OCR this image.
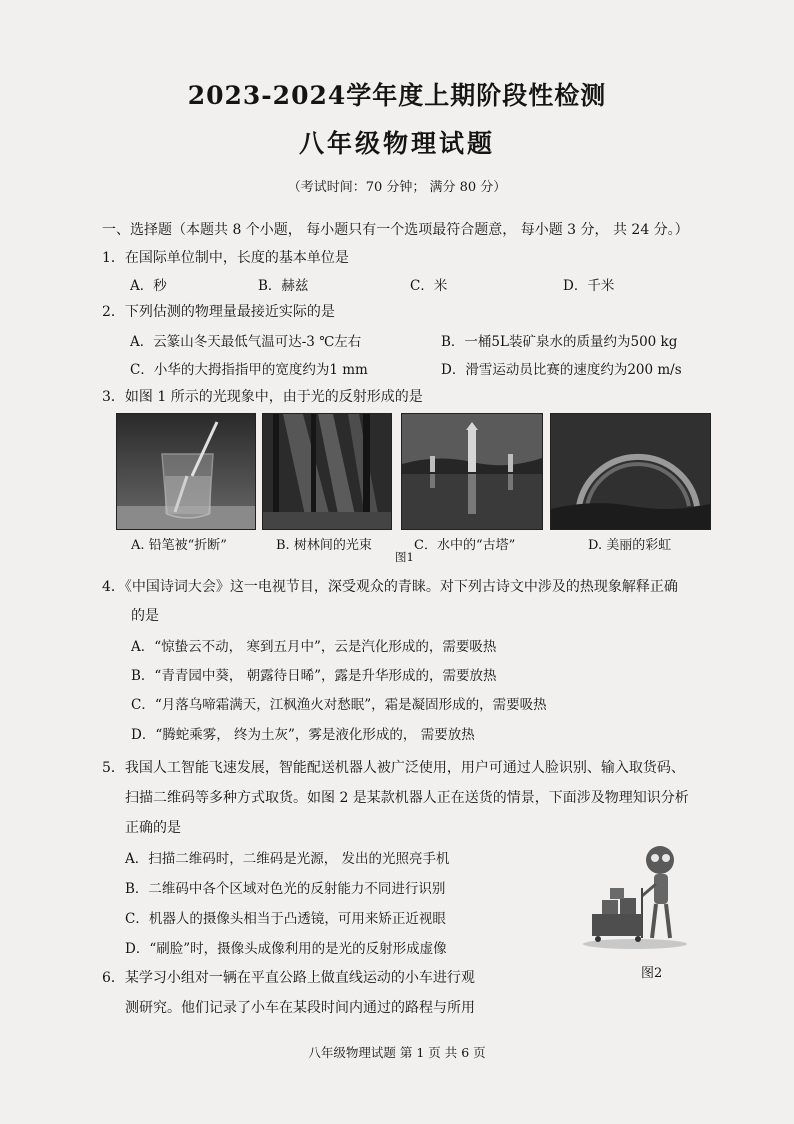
2023-2024学年度上期阶段性检测
八年级物理试题
（考试时间：70 分钟； 满分 80 分）
一、选择题（本题共 8 个小题， 每小题只有一个选项最符合题意， 每小题 3 分， 共 24 分。）
1．在国际单位制中，长度的基本单位是
A．秒	B．赫兹	C．米	D．千米
2．下列估测的物理量最接近实际的是
A．云篆山冬天最低气温可达-3 ℃左右	B．一桶5L装矿泉水的质量约为500 kg
C．小华的大拇指指甲的宽度约为1 mm	D．滑雪运动员比赛的速度约为200 m/s
3．如图 1 所示的光现象中，由于光的反射形成的是
A. 铅笔被“折断”	B. 树林间的光束	C．水中的“古塔”	D. 美丽的彩虹
图1
4．《中国诗词大会》这一电视节目，深受观众的青睐。对下列古诗文中涉及的热现象解释正确
的是
A．“惊蛰云不动， 寒到五月中”，云是汽化形成的，需要吸热
B．“青青园中葵， 朝露待日晞”，露是升华形成的，需要放热
C．“月落乌啼霜满天，江枫渔火对愁眠”，霜是凝固形成的，需要吸热
D．“腾蛇乘雾， 终为土灰”，雾是液化形成的， 需要放热
5．我国人工智能飞速发展，智能配送机器人被广泛使用，用户可通过人脸识别、输入取货码、
扫描二维码等多种方式取货。如图 2 是某款机器人正在送货的情景，下面涉及物理知识分析
正确的是
A．扫描二维码时，二维码是光源， 发出的光照亮手机
B．二维码中各个区域对色光的反射能力不同进行识别
C．机器人的摄像头相当于凸透镜，可用来矫正近视眼
D．“刷脸”时，摄像头成像利用的是光的反射形成虚像
图2
6．某学习小组对一辆在平直公路上做直线运动的小车进行观
测研究。他们记录了小车在某段时间内通过的路程与所用
八年级物理试题 第 1 页 共 6 页
